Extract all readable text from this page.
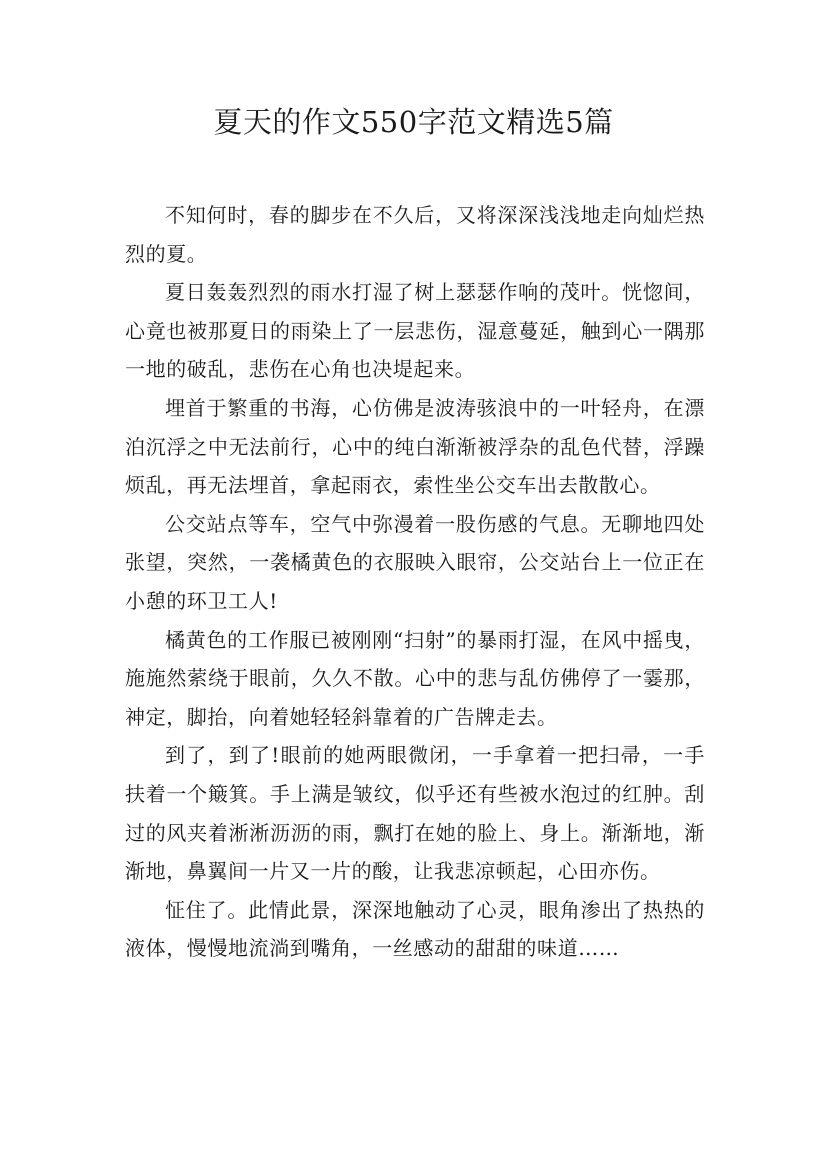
夏天的作文550字范文精选5篇

不知何时，春的脚步在不久后，又将深深浅浅地走向灿烂热烈的夏。

夏日轰轰烈烈的雨水打湿了树上瑟瑟作响的茂叶。恍惚间，心竟也被那夏日的雨染上了一层悲伤，湿意蔓延，触到心一隅那一地的破乱，悲伤在心角也决堤起来。

埋首于繁重的书海，心仿佛是波涛骇浪中的一叶轻舟，在漂泊沉浮之中无法前行，心中的纯白渐渐被浮杂的乱色代替，浮躁烦乱，再无法埋首，拿起雨衣，索性坐公交车出去散散心。

公交站点等车，空气中弥漫着一股伤感的气息。无聊地四处张望，突然，一袭橘黄色的衣服映入眼帘，公交站台上一位正在小憩的环卫工人!

橘黄色的工作服已被刚刚“扫射”的暴雨打湿，在风中摇曳，施施然萦绕于眼前，久久不散。心中的悲与乱仿佛停了一霎那，神定，脚抬，向着她轻轻斜靠着的广告牌走去。

到了，到了!眼前的她两眼微闭，一手拿着一把扫帚，一手扶着一个簸箕。手上满是皱纹，似乎还有些被水泡过的红肿。刮过的风夹着淅淅沥沥的雨，飘打在她的脸上、身上。渐渐地，渐渐地，鼻翼间一片又一片的酸，让我悲凉顿起，心田亦伤。

怔住了。此情此景，深深地触动了心灵，眼角渗出了热热的液体，慢慢地流淌到嘴角，一丝感动的甜甜的味道……
